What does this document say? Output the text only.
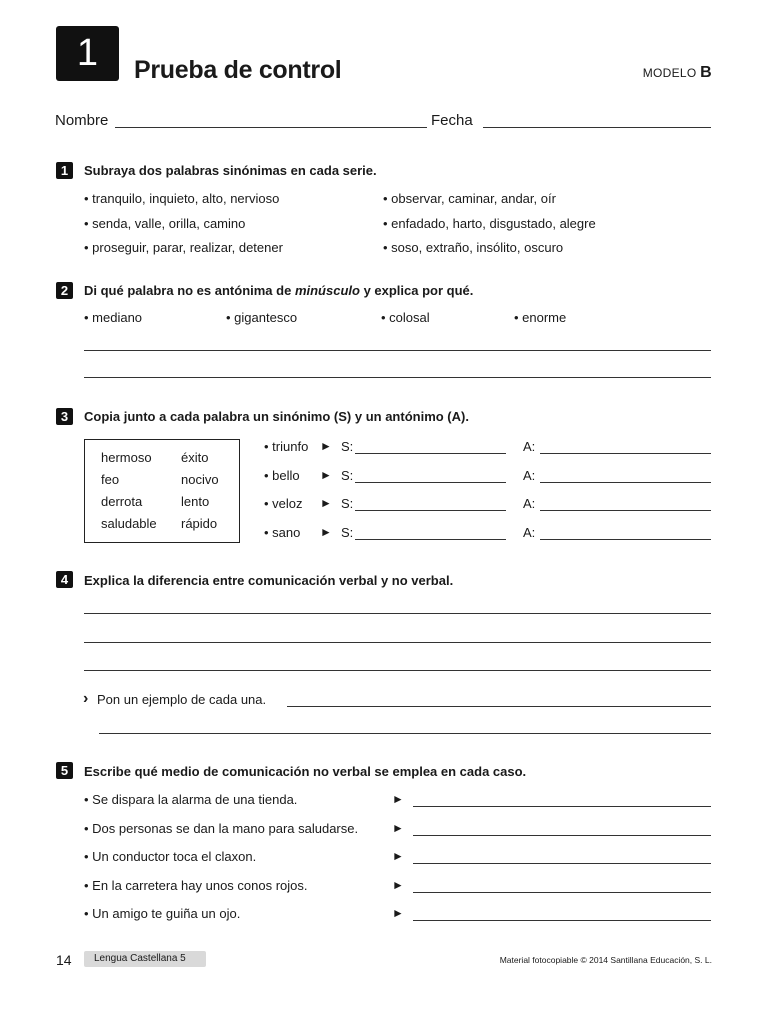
1	Prueba de control	MODELO B
Nombre	Fecha
1	Subraya dos palabras sinónimas en cada serie.
• tranquilo, inquieto, alto, nervioso
• senda, valle, orilla, camino
• proseguir, parar, realizar, detener
• observar, caminar, andar, oír
• enfadado, harto, disgustado, alegre
• soso, extraño, insólito, oscuro
2	Di qué palabra no es antónima de minúsculo y explica por qué.
• mediano	• gigantesco	• colosal	• enorme
3	Copia junto a cada palabra un sinónimo (S) y un antónimo (A).
hermoso éxito
feo	nocivo
derrota	lento
saludable rápido
• triunfo ► S:	A:
• bello ► S:	A:
• veloz ► S:	A:
• sano ► S:	A:
4	Explica la diferencia entre comunicación verbal y no verbal.
› Pon un ejemplo de cada una.
5	Escribe qué medio de comunicación no verbal se emplea en cada caso.
• Se dispara la alarma de una tienda.	►
• Dos personas se dan la mano para saludarse.	►
• Un conductor toca el claxon.	►
• En la carretera hay unos conos rojos.	►
• Un amigo te guiña un ojo.	►
14	Lengua Castellana 5	Material fotocopiable © 2014 Santillana Educación, S. L.
